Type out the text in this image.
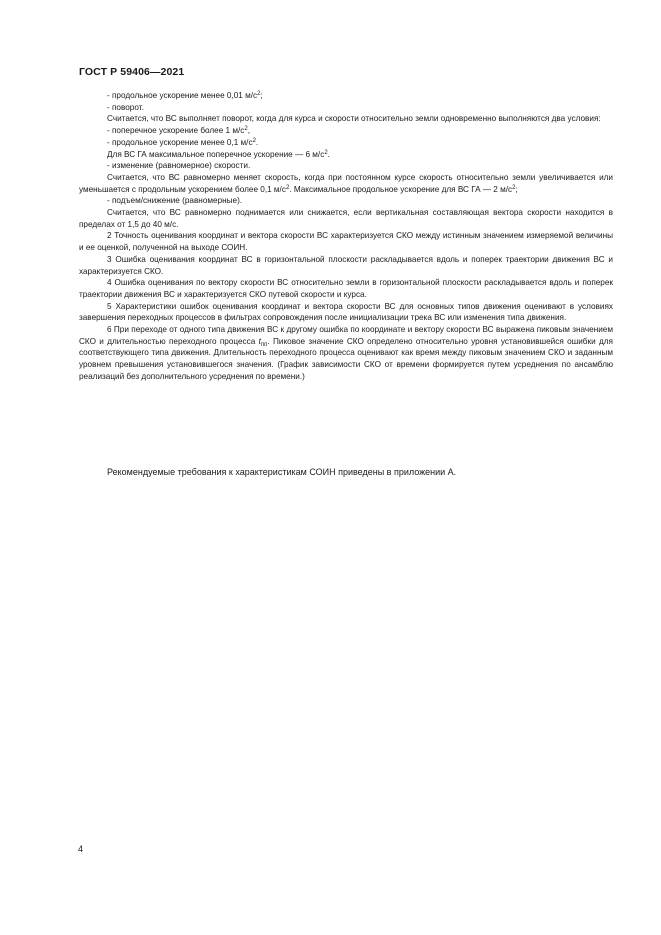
ГОСТ Р 59406—2021

- продольное ускорение менее 0,01 $м/с^2$;

- поворот.

Считается, что ВС выполняет поворот, когда для курса и скорости относительно земли одновременно выполняются два условия:

- поперечное ускорение более 1 $м/с^2$,

- продольное ускорение менее 0,1 $м/с^2$.

Для ВС ГА максимальное поперечное ускорение — 6 $м/с^2$.

- изменение (равномерное) скорости.

Считается, что ВС равномерно меняет скорость, когда при постоянном курсе скорость относительно земли увеличивается или уменьшается с продольным ускорением более 0,1 $м/с^2$. Максимальное продольное ускорение для ВС ГА — 2 $м/с^2$;

- подъем/снижение (равномерные).

Считается, что ВС равномерно поднимается или снижается, если вертикальная составляющая вектора скорости находится в пределах от 1,5 до 40 м/с.

2 Точность оценивания координат и вектора скорости ВС характеризуется СКО между истинным значением измеряемой величины и ее оценкой, полученной на выходе СОИН.

3 Ошибка оценивания координат ВС в горизонтальной плоскости раскладывается вдоль и поперек траектории движения ВС и характеризуется СКО.

4 Ошибка оценивания по вектору скорости ВС относительно земли в горизонтальной плоскости раскладывается вдоль и поперек траектории движения ВС и характеризуется СКО путевой скорости и курса.

5 Характеристики ошибок оценивания координат и вектора скорости ВС для основных типов движения оценивают в условиях завершения переходных процессов в фильтрах сопровождения после инициализации трека ВС или изменения типа движения.

6 При переходе от одного типа движения ВС к другому ошибка по координате и вектору скорости ВС выражена пиковым значением СКО и длительностью переходного процесса $t_{пп}$. Пиковое значение СКО определено относительно уровня установившейся ошибки для соответствующего типа движения. Длительность переходного процесса оценивают как время между пиковым значением СКО и заданным уровнем превышения установившегося значения. (График зависимости СКО от времени формируется путем усреднения по ансамблю реализаций без дополнительного усреднения по времени.)

Рекомендуемые требования к характеристикам СОИН приведены в приложении А.
4
